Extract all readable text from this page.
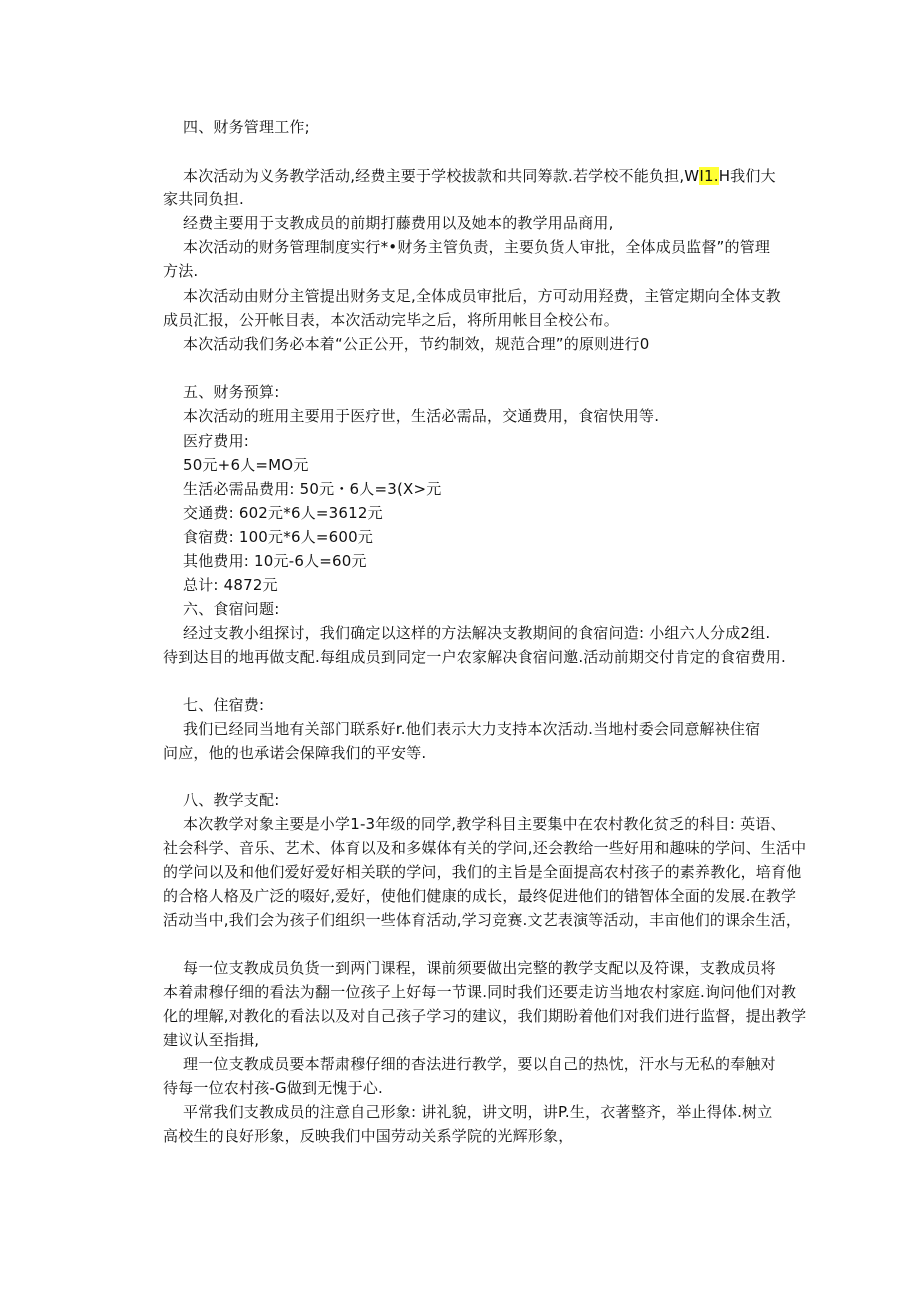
四、财务管理工作;
本次活动为义务教学活动,经费主要于学校拔款和共同筹款.若学校不能负担,WI1.H我们大
家共同负担.
经费主要用于支教成员的前期打藤费用以及她本的教学用品商用,
本次活动的财务管理制度实行*•财务主管负责，主要负货人审批，全体成员监督”的管理
方法.
本次活动由财分主管提出财务支足,全体成员审批后，方可动用羟费，主管定期向全体支教
成员汇报，公开帐目表，本次活动完毕之后，将所用帐目全校公布。
本次活动我们务必本着“公正公开，节约制效，规范合理”的原则进行0
五、财务预算:
本次活动的班用主要用于医疗世，生活必需品，交通费用，食宿快用等.
医疗费用:
50元+6人=MO元
生活必需品费用: 50元・6人=3(X>元
交通费: 602元*6人=3612元
食宿费: 100元*6人=600元
其他费用: 10元-6人=60元
总计: 4872元
六、食宿问题:
经过支教小组探讨，我们确定以这样的方法解决支教期间的食宿问造: 小组六人分成2组.
待到达目的地再做支配.每组成员到同定一户农家解决食宿问邀.活动前期交付肯定的食宿费用.
七、住宿费:
我们已经同当地有关部门联系好r.他们表示大力支持本次活动.当地村委会同意解袂住宿
问应，他的也承诺会保障我们的平安等.
八、教学支配:
本次教学对象主要是小学1-3年级的同学,教学科目主要集中在农村教化贫乏的科目: 英语、
社会科学、音乐、艺术、体育以及和多媒体有关的学问,还会教给一些好用和趣味的学问、生活中
的学问以及和他们爱好爱好相关联的学问，我们的主旨是全面提高农村孩子的素养教化，培育他
的合格人格及广泛的啜好,爱好，使他们健康的成长，最终促进他们的错智体全面的发展.在教学
活动当中,我们会为孩子们组织一些体育活动,学习竞赛.文艺表演等活动，丰亩他们的课余生活，
每一位支教成员负货一到两门课程，课前须要做出完整的教学支配以及符课，支教成员将
本着肃穆仔细的看法为翻一位孩子上好每一节课.同时我们还要走访当地农村家庭.询问他们对教
化的埋解,对教化的看法以及对自己孩子学习的建议，我们期盼着他们对我们进行监督，提出教学
建议认至指揖,
理一位支教成员要本帮肃穆仔细的杳法进行教学，要以自己的热忱，汗水与无私的奉触对
待每一位农村孩-G做到无愧于心.
平常我们支教成员的注意自己形象: 讲礼貌，讲文明，讲P.生，衣著整齐，举止得体.树立
高校生的良好形象，反映我们中国劳动关系学院的光辉形象，
